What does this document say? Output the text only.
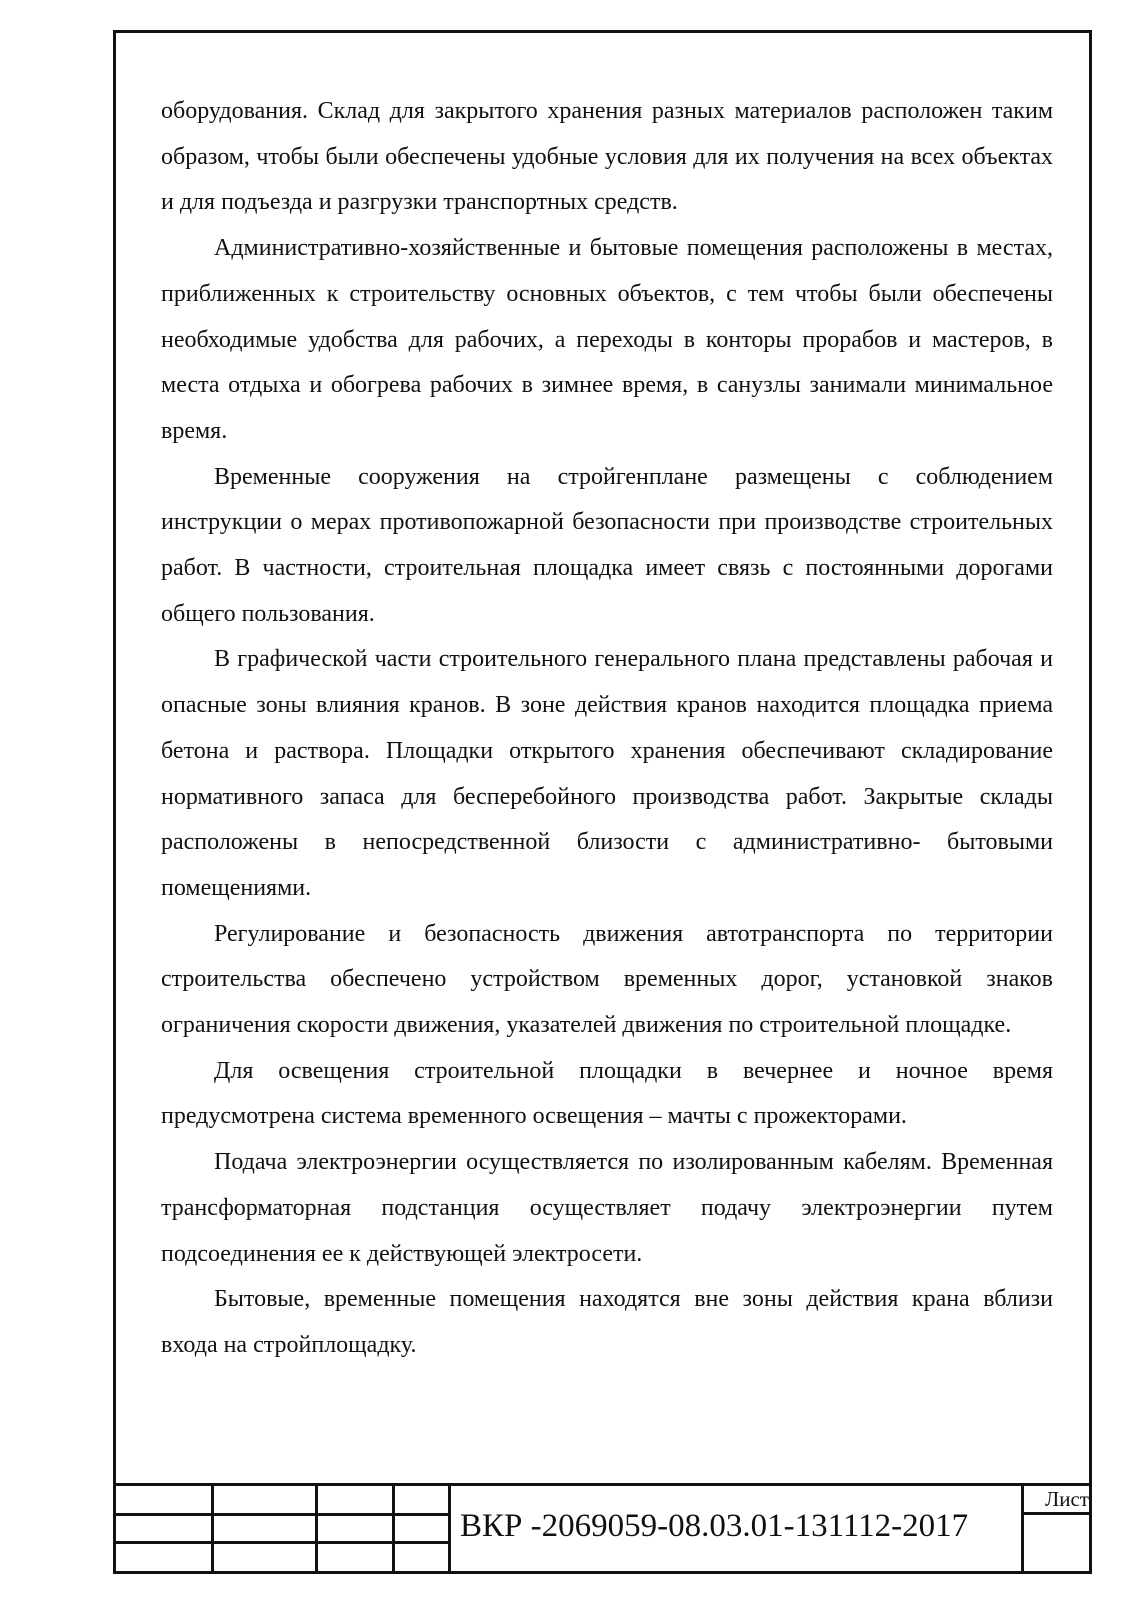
оборудования. Склад для закрытого хранения разных материалов расположен таким образом, чтобы были обеспечены удобные условия для их получения на всех объектах и для подъезда и разгрузки транспортных средств.

Административно-хозяйственные и бытовые помещения расположены в местах, приближенных к строительству основных объектов, с тем чтобы были обеспечены необходимые удобства для рабочих, а переходы в конторы прорабов и мастеров, в места отдыха и обогрева рабочих в зимнее время, в санузлы занимали минимальное время.

Временные сооружения на стройгенплане размещены с соблюдением инструкции о мерах противопожарной безопасности при производстве строительных работ. В частности, строительная площадка имеет связь с постоянными дорогами общего пользования.

В графической части строительного генерального плана представлены рабочая и опасные зоны влияния кранов. В зоне действия кранов находится площадка приема бетона и раствора. Площадки открытого хранения обеспечивают складирование нормативного запаса для бесперебойного производства работ. Закрытые склады расположены в непосредственной близости с административно- бытовыми помещениями.

Регулирование и безопасность движения автотранспорта по территории строительства обеспечено устройством временных дорог, установкой знаков ограничения скорости движения, указателей движения по строительной площадке.

Для освещения строительной площадки в вечернее и ночное время предусмотрена система временного освещения – мачты с прожекторами.

Подача электроэнергии осуществляется по изолированным кабелям. Временная трансформаторная подстанция осуществляет подачу электроэнергии путем подсоединения ее к действующей электросети.

Бытовые, временные помещения находятся вне зоны действия крана вблизи входа на стройплощадку.

ВКР -2069059-08.03.01-131112-2017
Лист
